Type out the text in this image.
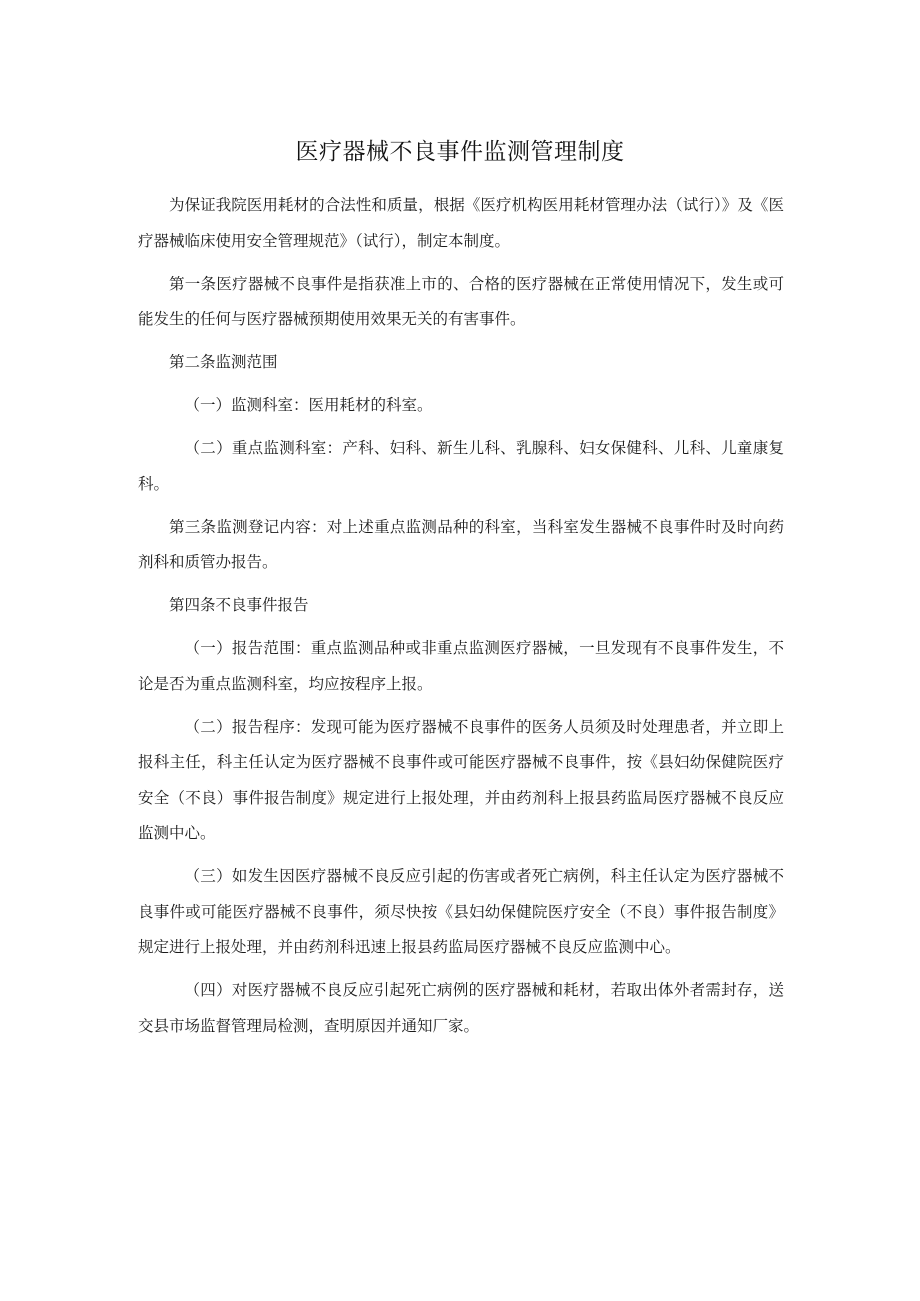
医疗器械不良事件监测管理制度

为保证我院医用耗材的合法性和质量，根据《医疗机构医用耗材管理办法（试行）》及《医疗器械临床使用安全管理规范》（试行），制定本制度。

第一条医疗器械不良事件是指获准上市的、合格的医疗器械在正常使用情况下，发生或可能发生的任何与医疗器械预期使用效果无关的有害事件。

第二条监测范围

（一）监测科室：医用耗材的科室。

（二）重点监测科室：产科、妇科、新生儿科、乳腺科、妇女保健科、儿科、儿童康复科。

第三条监测登记内容：对上述重点监测品种的科室，当科室发生器械不良事件时及时向药剂科和质管办报告。

第四条不良事件报告

（一）报告范围：重点监测品种或非重点监测医疗器械，一旦发现有不良事件发生，不论是否为重点监测科室，均应按程序上报。

（二）报告程序：发现可能为医疗器械不良事件的医务人员须及时处理患者，并立即上报科主任，科主任认定为医疗器械不良事件或可能医疗器械不良事件，按《县妇幼保健院医疗安全（不良）事件报告制度》规定进行上报处理，并由药剂科上报县药监局医疗器械不良反应监测中心。

（三）如发生因医疗器械不良反应引起的伤害或者死亡病例，科主任认定为医疗器械不良事件或可能医疗器械不良事件，须尽快按《县妇幼保健院医疗安全（不良）事件报告制度》规定进行上报处理，并由药剂科迅速上报县药监局医疗器械不良反应监测中心。

（四）对医疗器械不良反应引起死亡病例的医疗器械和耗材，若取出体外者需封存，送交县市场监督管理局检测，查明原因并通知厂家。
